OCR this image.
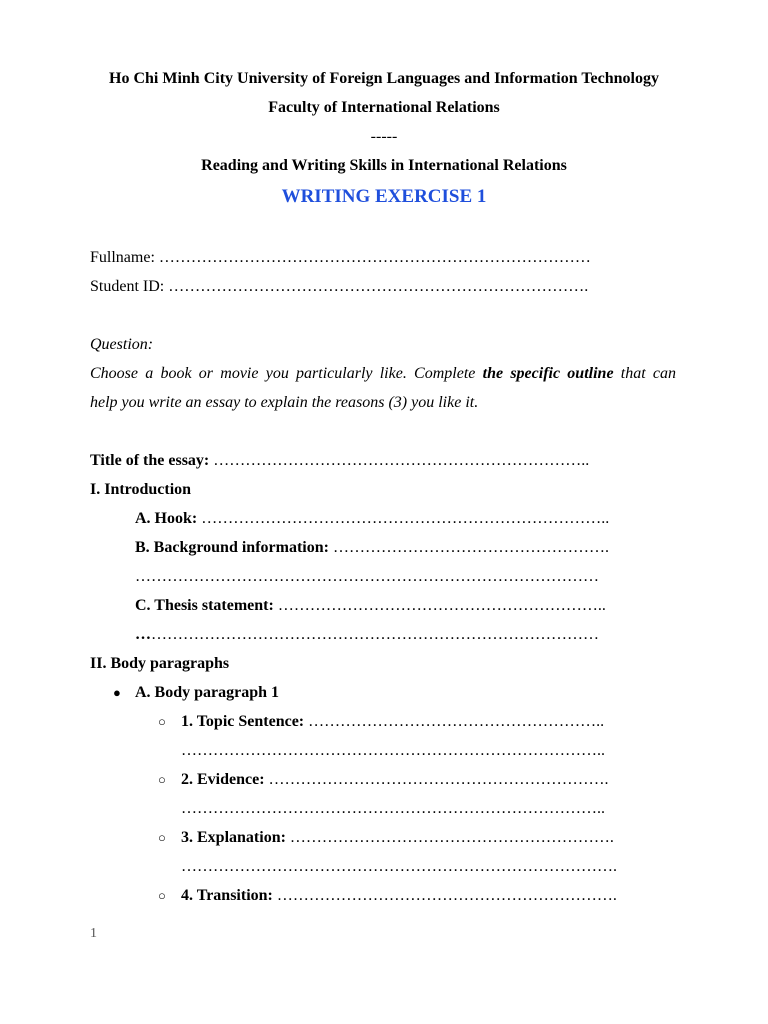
Ho Chi Minh City University of Foreign Languages and Information Technology
Faculty of International Relations
-----
Reading and Writing Skills in International Relations
WRITING EXERCISE 1
Fullname: ………………………………………………………………………
Student ID: …………………………………………………………………….
Question:
Choose a book or movie you particularly like. Complete the specific outline that can
help you write an essay to explain the reasons (3) you like it.
Title of the essay: ……………………………………………………………..
I. Introduction
A. Hook: …………………………………………………………………..
B. Background information: …………………………………………….
……………………………………………………………………………
C. Thesis statement: ……………………………………………………..
……………………………………………………………………………
II. Body paragraphs
● A. Body paragraph 1
○ 1. Topic Sentence: ………………………………………………..
……………………………………………………………………..
○ 2. Evidence: ……………………………………………………….
……………………………………………………………………..
○ 3. Explanation: …………………………………………………….
……………………………………………………………………….
○ 4. Transition: ……………………………………………………….
1
